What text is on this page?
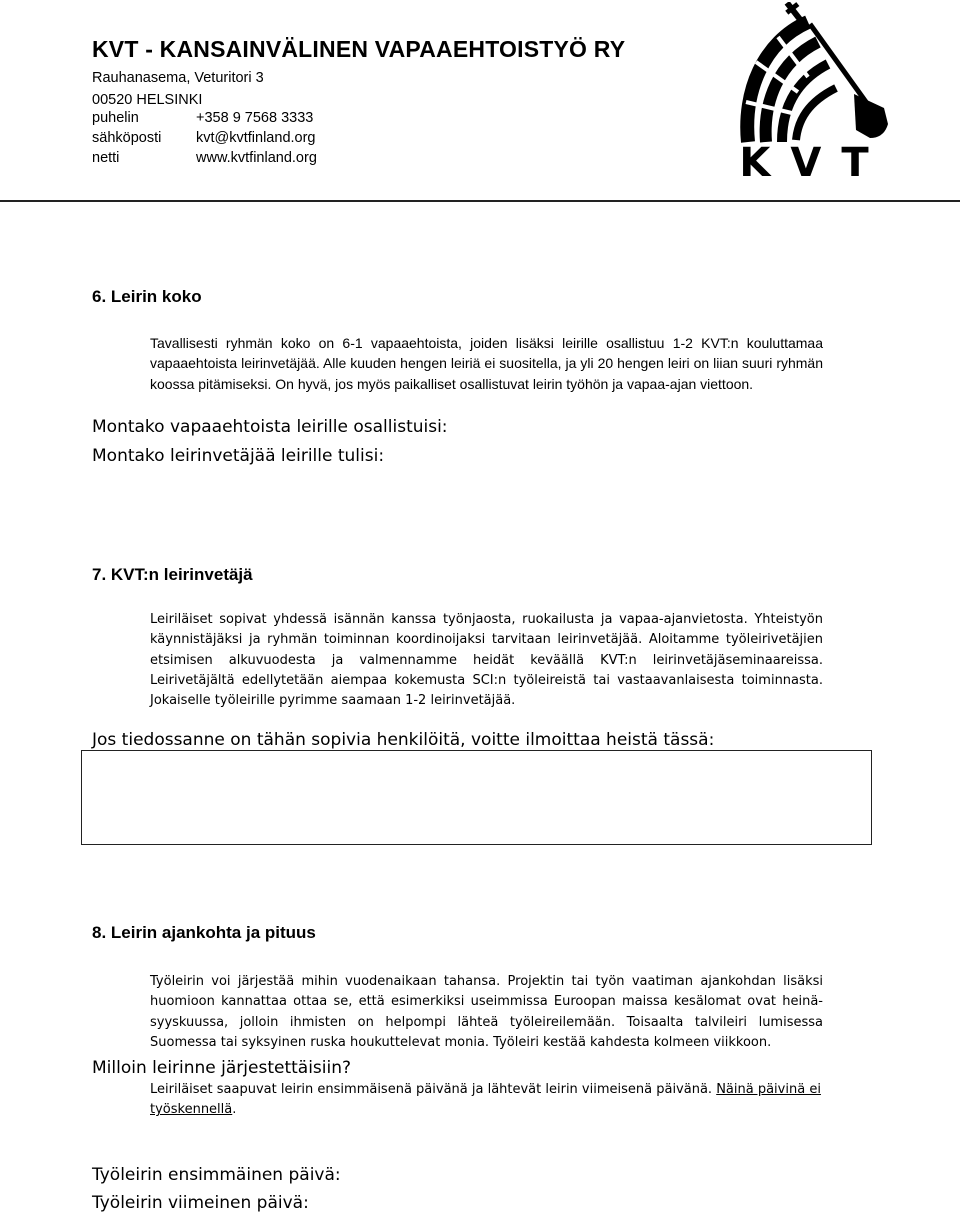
KVT - KANSAINVÄLINEN VAPAAEHTOISTYÖ RY
Rauhanasema, Veturitori 3
00520 HELSINKI
puhelin	+358 9 7568 3333
sähköposti kvt@kvtfinland.org
netti	www.kvtfinland.org	KVT
6. Leirin koko
Tavallisesti ryhmän koko on 6-1 vapaaehtoista, joiden lisäksi leirille osallistuu 1-2 KVT:n kouluttamaa vapaaehtoista leirinvetäjää. Alle kuuden hengen leiriä ei suositella, ja yli 20 hengen leiri on liian suuri ryhmän koossa pitämiseksi. On hyvä, jos myös paikalliset osallistuvat leirin työhön ja vapaa-ajan viettoon.
Montako vapaaehtoista leirille osallistuisi:
Montako leirinvetäjää leirille tulisi:
7. KVT:n leirinvetäjä
Leiriläiset sopivat yhdessä isännän kanssa työnjaosta, ruokailusta ja vapaa-ajanvietosta. Yhteistyön käynnistäjäksi ja ryhmän toiminnan koordinoijaksi tarvitaan leirinvetäjää. Aloitamme työleirivetäjien etsimisen alkuvuodesta ja valmennamme heidät keväällä KVT:n leirinvetäjäseminaareissa. Leirivetäjältä edellytetään aiempaa kokemusta SCI:n työleireistä tai vastaavanlaisesta toiminnasta. Jokaiselle työleirille pyrimme saamaan 1-2 leirinvetäjää.
Jos tiedossanne on tähän sopivia henkilöitä, voitte ilmoittaa heistä tässä:
8. Leirin ajankohta ja pituus
Työleirin voi järjestää mihin vuodenaikaan tahansa. Projektin tai työn vaatiman ajankohdan lisäksi huomioon kannattaa ottaa se, että esimerkiksi useimmissa Euroopan maissa kesälomat ovat heinä-syyskuussa, jolloin ihmisten on helpompi lähteä työleireilemään. Toisaalta talvileiri lumisessa Suomessa tai syksyinen ruska houkuttelevat monia. Työleiri kestää kahdesta kolmeen viikkoon.
Milloin leirinne järjestettäisiin?
Leiriläiset saapuvat leirin ensimmäisenä päivänä ja lähtevät leirin viimeisenä päivänä. Näinä päivinä ei työskennellä.
Työleirin ensimmäinen päivä:
Työleirin viimeinen päivä:
